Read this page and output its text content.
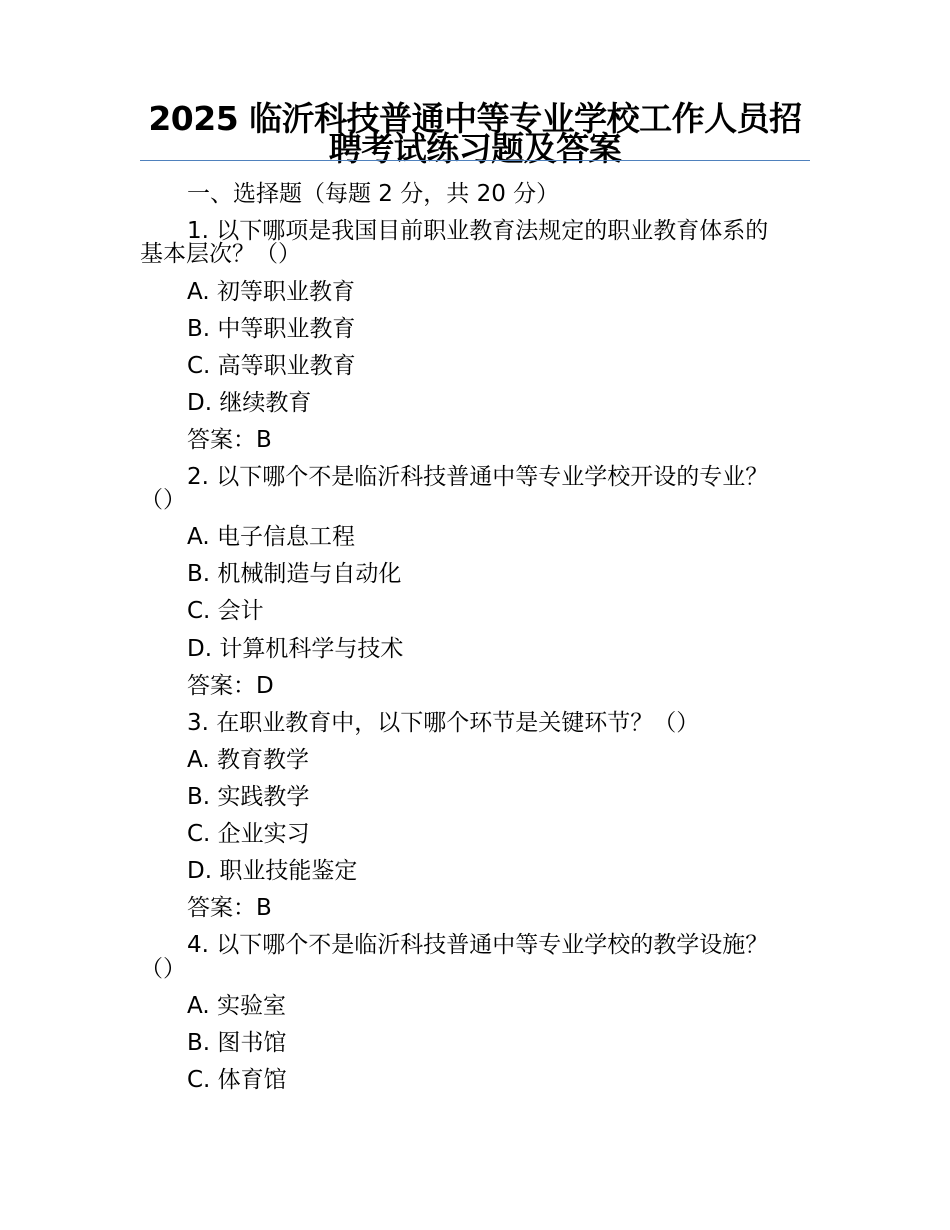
2025 临沂科技普通中等专业学校工作人员招聘考试练习题及答案

一、选择题（每题 2 分，共 20 分）

1. 以下哪项是我国目前职业教育法规定的职业教育体系的

基本层次？（）

A. 初等职业教育

B. 中等职业教育

C. 高等职业教育

D. 继续教育

答案：B

2. 以下哪个不是临沂科技普通中等专业学校开设的专业？

（）

A. 电子信息工程

B. 机械制造与自动化

C. 会计

D. 计算机科学与技术

答案：D

3. 在职业教育中，以下哪个环节是关键环节？（）

A. 教育教学

B. 实践教学

C. 企业实习

D. 职业技能鉴定

答案：B

4. 以下哪个不是临沂科技普通中等专业学校的教学设施？

（）

A. 实验室

B. 图书馆

C. 体育馆
